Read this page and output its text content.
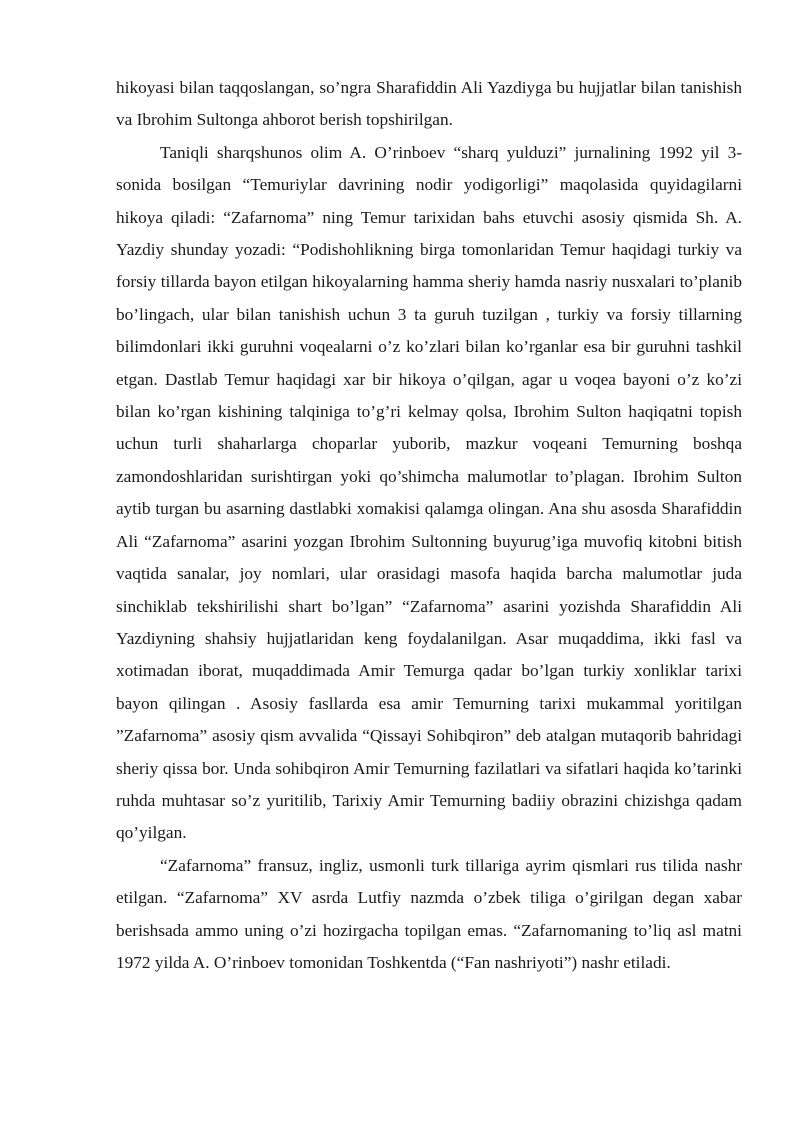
hikoyasi bilan taqqoslangan, so’ngra Sharafiddin Ali Yazdiyga bu hujjatlar bilan tanishish va Ibrohim Sultonga ahborot berish topshirilgan.

Taniqli sharqshunos olim A. O’rinboev “sharq yulduzi” jurnalining 1992 yil 3-sonida bosilgan “Temuriylar davrining nodir yodigorligi” maqolasida quyidagilarni hikoya qiladi: “Zafarnoma” ning Temur tarixidan bahs etuvchi asosiy qismida Sh. A. Yazdiy shunday yozadi: “Podishohlikning birga tomonlaridan Temur haqidagi turkiy va forsiy tillarda bayon etilgan hikoyalarning hamma sheriy hamda nasriy nusxalari to’planib bo’lingach, ular bilan tanishish uchun 3 ta guruh tuzilgan , turkiy va forsiy tillarning bilimdonlari ikki guruhni voqealarni o’z ko’zlari bilan ko’rganlar esa bir guruhni tashkil etgan. Dastlab Temur haqidagi xar bir hikoya o’qilgan, agar u voqea bayoni o’z ko’zi bilan ko’rgan kishining talqiniga to’g’ri kelmay qolsa, Ibrohim Sulton haqiqatni topish uchun turli shaharlarga choparlar yuborib, mazkur voqeani Temurning boshqa zamondoshlaridan surishtirgan yoki qo’shimcha malumotlar to’plagan. Ibrohim Sulton aytib turgan bu asarning dastlabki xomakisi qalamga olingan. Ana shu asosda Sharafiddin Ali “Zafarnoma” asarini yozgan Ibrohim Sultonning buyurug’iga muvofiq kitobni bitish vaqtida sanalar, joy nomlari, ular orasidagi masofa haqida barcha malumotlar juda sinchiklab tekshirilishi shart bo’lgan” “Zafarnoma” asarini yozishda Sharafiddin Ali Yazdiyning shahsiy hujjatlaridan keng foydalanilgan. Asar muqaddima, ikki fasl va xotimadan iborat, muqaddimada Amir Temurga qadar bo’lgan turkiy xonliklar tarixi bayon qilingan . Asosiy fasllarda esa amir Temurning tarixi mukammal yoritilgan ”Zafarnoma” asosiy qism avvalida “Qissayi Sohibqiron” deb atalgan mutaqorib bahridagi sheriy qissa bor. Unda sohibqiron Amir Temurning fazilatlari va sifatlari haqida ko’tarinki ruhda muhtasar so’z yuritilib, Tarixiy Amir Temurning badiiy obrazini chizishga qadam qo’yilgan.

“Zafarnoma” fransuz, ingliz, usmonli turk tillariga ayrim qismlari rus tilida nashr etilgan. “Zafarnoma” XV asrda Lutfiy nazmda o’zbek tiliga o’girilgan degan xabar berishsada ammo uning o’zi hozirgacha topilgan emas. “Zafarnomaning to’liq asl matni 1972 yilda A. O’rinboev tomonidan Toshkentda (“Fan nashriyoti”) nashr etiladi.
